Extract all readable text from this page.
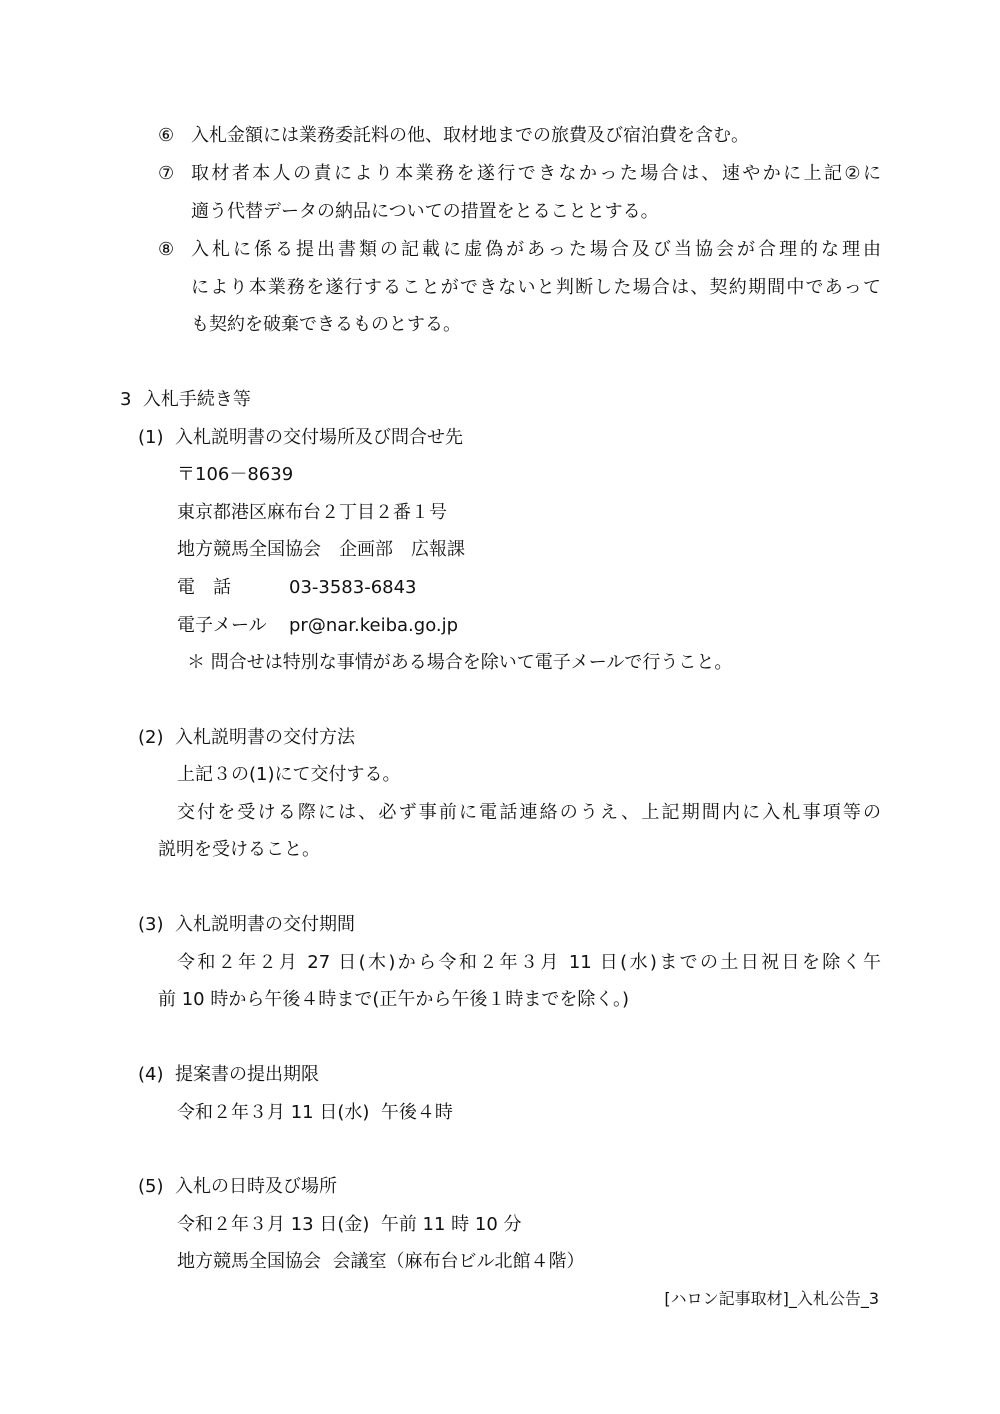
⑥ 入札金額には業務委託料の他、取材地までの旅費及び宿泊費を含む。
⑦ 取材者本人の責により本業務を遂行できなかった場合は、速やかに上記②に
適う代替データの納品についての措置をとることとする。
⑧ 入札に係る提出書類の記載に虚偽があった場合及び当協会が合理的な理由
により本業務を遂行することができないと判断した場合は、契約期間中であって
も契約を破棄できるものとする。
3  入札手続き等
(1)  入札説明書の交付場所及び問合せ先
〒106－8639
東京都港区麻布台２丁目２番１号
地方競馬全国協会　企画部　広報課
電　話	03-3583-6843
電子メール pr@nar.keiba.go.jp
＊ 問合せは特別な事情がある場合を除いて電子メールで行うこと。
(2)  入札説明書の交付方法
上記３の(1)にて交付する。
交付を受ける際には、必ず事前に電話連絡のうえ、上記期間内に入札事項等の
説明を受けること。
(3)  入札説明書の交付期間
令和２年２月 27 日(木)から令和２年３月 11 日(水)までの土日祝日を除く午
前 10 時から午後４時まで(正午から午後１時までを除く。)
(4)  提案書の提出期限
令和２年３月 11 日(水)  午後４時
(5)  入札の日時及び場所
令和２年３月 13 日(金)  午前 11 時 10 分
地方競馬全国協会  会議室（麻布台ビル北館４階）
[ハロン記事取材]_入札公告_3
